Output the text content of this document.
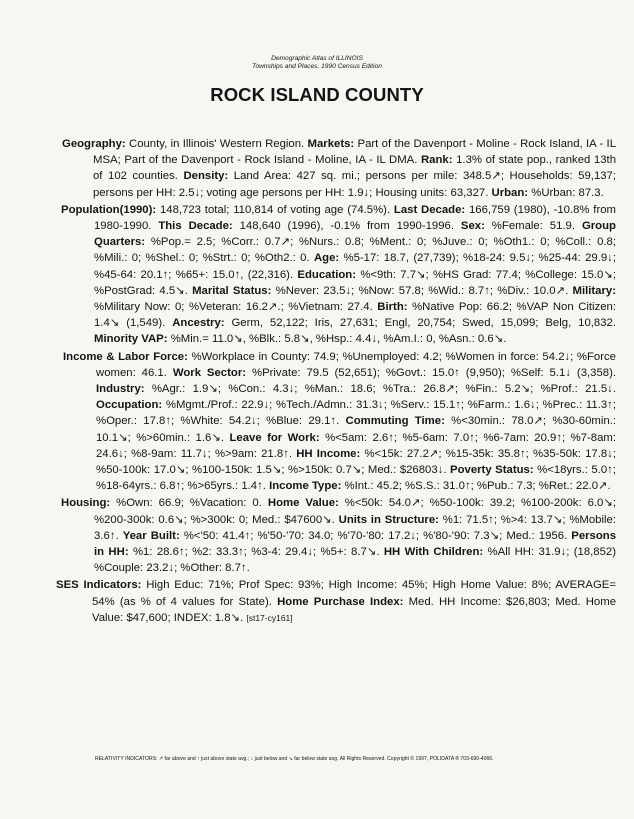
Demographic Atlas of ILLINOIS
Townships and Places, 1990 Census Edition
ROCK ISLAND COUNTY

Geography: County, in Illinois' Western Region. Markets: Part of the Davenport - Moline - Rock Island, IA - IL MSA; Part of the Davenport - Rock Island - Moline, IA - IL DMA. Rank: 1.3% of state pop., ranked 13th of 102 counties. Density: Land Area: 427 sq. mi.; persons per mile: 348.5↗; Households: 59,137; persons per HH: 2.5↓; voting age persons per HH: 1.9↓; Housing units: 63,327. Urban: %Urban: 87.3.

Population(1990): 148,723 total; 110,814 of voting age (74.5%). Last Decade: 166,759 (1980), -10.8% from 1980-1990. This Decade: 148,640 (1996), -0.1% from 1990-1996. Sex: %Female: 51.9. Group Quarters: %Pop.= 2.5; %Corr.: 0.7↗; %Nurs.: 0.8; %Ment.: 0; %Juve.: 0; %Oth1.: 0; %Coll.: 0.8; %Mili.: 0; %Shel.: 0; %Strt.: 0; %Oth2.: 0. Age: %5-17: 18.7, (27,739); %18-24: 9.5↓; %25-44: 29.9↓; %45-64: 20.1↑; %65+: 15.0↑, (22,316). Education: %<9th: 7.7↘; %HS Grad: 77.4; %College: 15.0↘; %PostGrad: 4.5↘. Marital Status: %Never: 23.5↓; %Now: 57.8; %Wid.: 8.7↑; %Div.: 10.0↗. Military: %Military Now: 0; %Veteran: 16.2↗.; %Vietnam: 27.4. Birth: %Native Pop: 66.2; %VAP Non Citizen: 1.4↘ (1,549). Ancestry: Germ, 52,122; Iris, 27,631; Engl, 20,754; Swed, 15,099; Belg, 10,832. Minority VAP: %Min.= 11.0↘, %Blk.: 5.8↘, %Hsp.: 4.4↓, %Am.I.: 0, %Asn.: 0.6↘.

Income & Labor Force: %Workplace in County: 74.9; %Unemployed: 4.2; %Women in force: 54.2↓; %Force women: 46.1. Work Sector: %Private: 79.5 (52,651); %Govt.: 15.0↑ (9,950); %Self: 5.1↓ (3,358). Industry: %Agr.: 1.9↘; %Con.: 4.3↓; %Man.: 18.6; %Tra.: 26.8↗; %Fin.: 5.2↘; %Prof.: 21.5↓. Occupation: %Mgmt./Prof.: 22.9↓; %Tech./Admn.: 31.3↓; %Serv.: 15.1↑; %Farm.: 1.6↓; %Prec.: 11.3↑; %Oper.: 17.8↑; %White: 54.2↓; %Blue: 29.1↑. Commuting Time: %<30min.: 78.0↗; %30-60min.: 10.1↘; %>60min.: 1.6↘. Leave for Work: %<5am: 2.6↑; %5-6am: 7.0↑; %6-7am: 20.9↑; %7-8am: 24.6↓; %8-9am: 11.7↓; %>9am: 21.8↑. HH Income: %<15k: 27.2↗; %15-35k: 35.8↑; %35-50k: 17.8↓; %50-100k: 17.0↘; %100-150k: 1.5↘; %>150k: 0.7↘; Med.: $26803↓. Poverty Status: %<18yrs.: 5.0↑; %18-64yrs.: 6.8↑; %>65yrs.: 1.4↑. Income Type: %Int.: 45.2; %S.S.: 31.0↑; %Pub.: 7.3; %Ret.: 22.0↗.

Housing: %Own: 66.9; %Vacation: 0. Home Value: %<50k: 54.0↗; %50-100k: 39.2; %100-200k: 6.0↘; %200-300k: 0.6↘; %>300k: 0; Med.: $47600↘. Units in Structure: %1: 71.5↑; %>4: 13.7↘; %Mobile: 3.6↑. Year Built: %<'50: 41.4↑; %'50-'70: 34.0; %'70-'80: 17.2↓; %'80-'90: 7.3↘; Med.: 1956. Persons in HH: %1: 28.6↑; %2: 33.3↑; %3-4: 29.4↓; %5+: 8.7↘. HH With Children: %All HH: 31.9↓; (18,852) %Couple: 23.2↓; %Other: 8.7↑.

SES Indicators: High Educ: 71%; Prof Spec: 93%; High Income: 45%; High Home Value: 8%; AVERAGE= 54% (as % of 4 values for State). Home Purchase Index: Med. HH Income: $26,803; Med. Home Value: $47,600; INDEX: 1.8↘. [st17-cy161]

RELATIVITY INDICATORS: ↗ far above and ↑ just above state avg.; ↓ just below and ↘ far below state avg. All Rights Reserved. Copyright © 1997, POLIDATA ® 703-690-4066.
